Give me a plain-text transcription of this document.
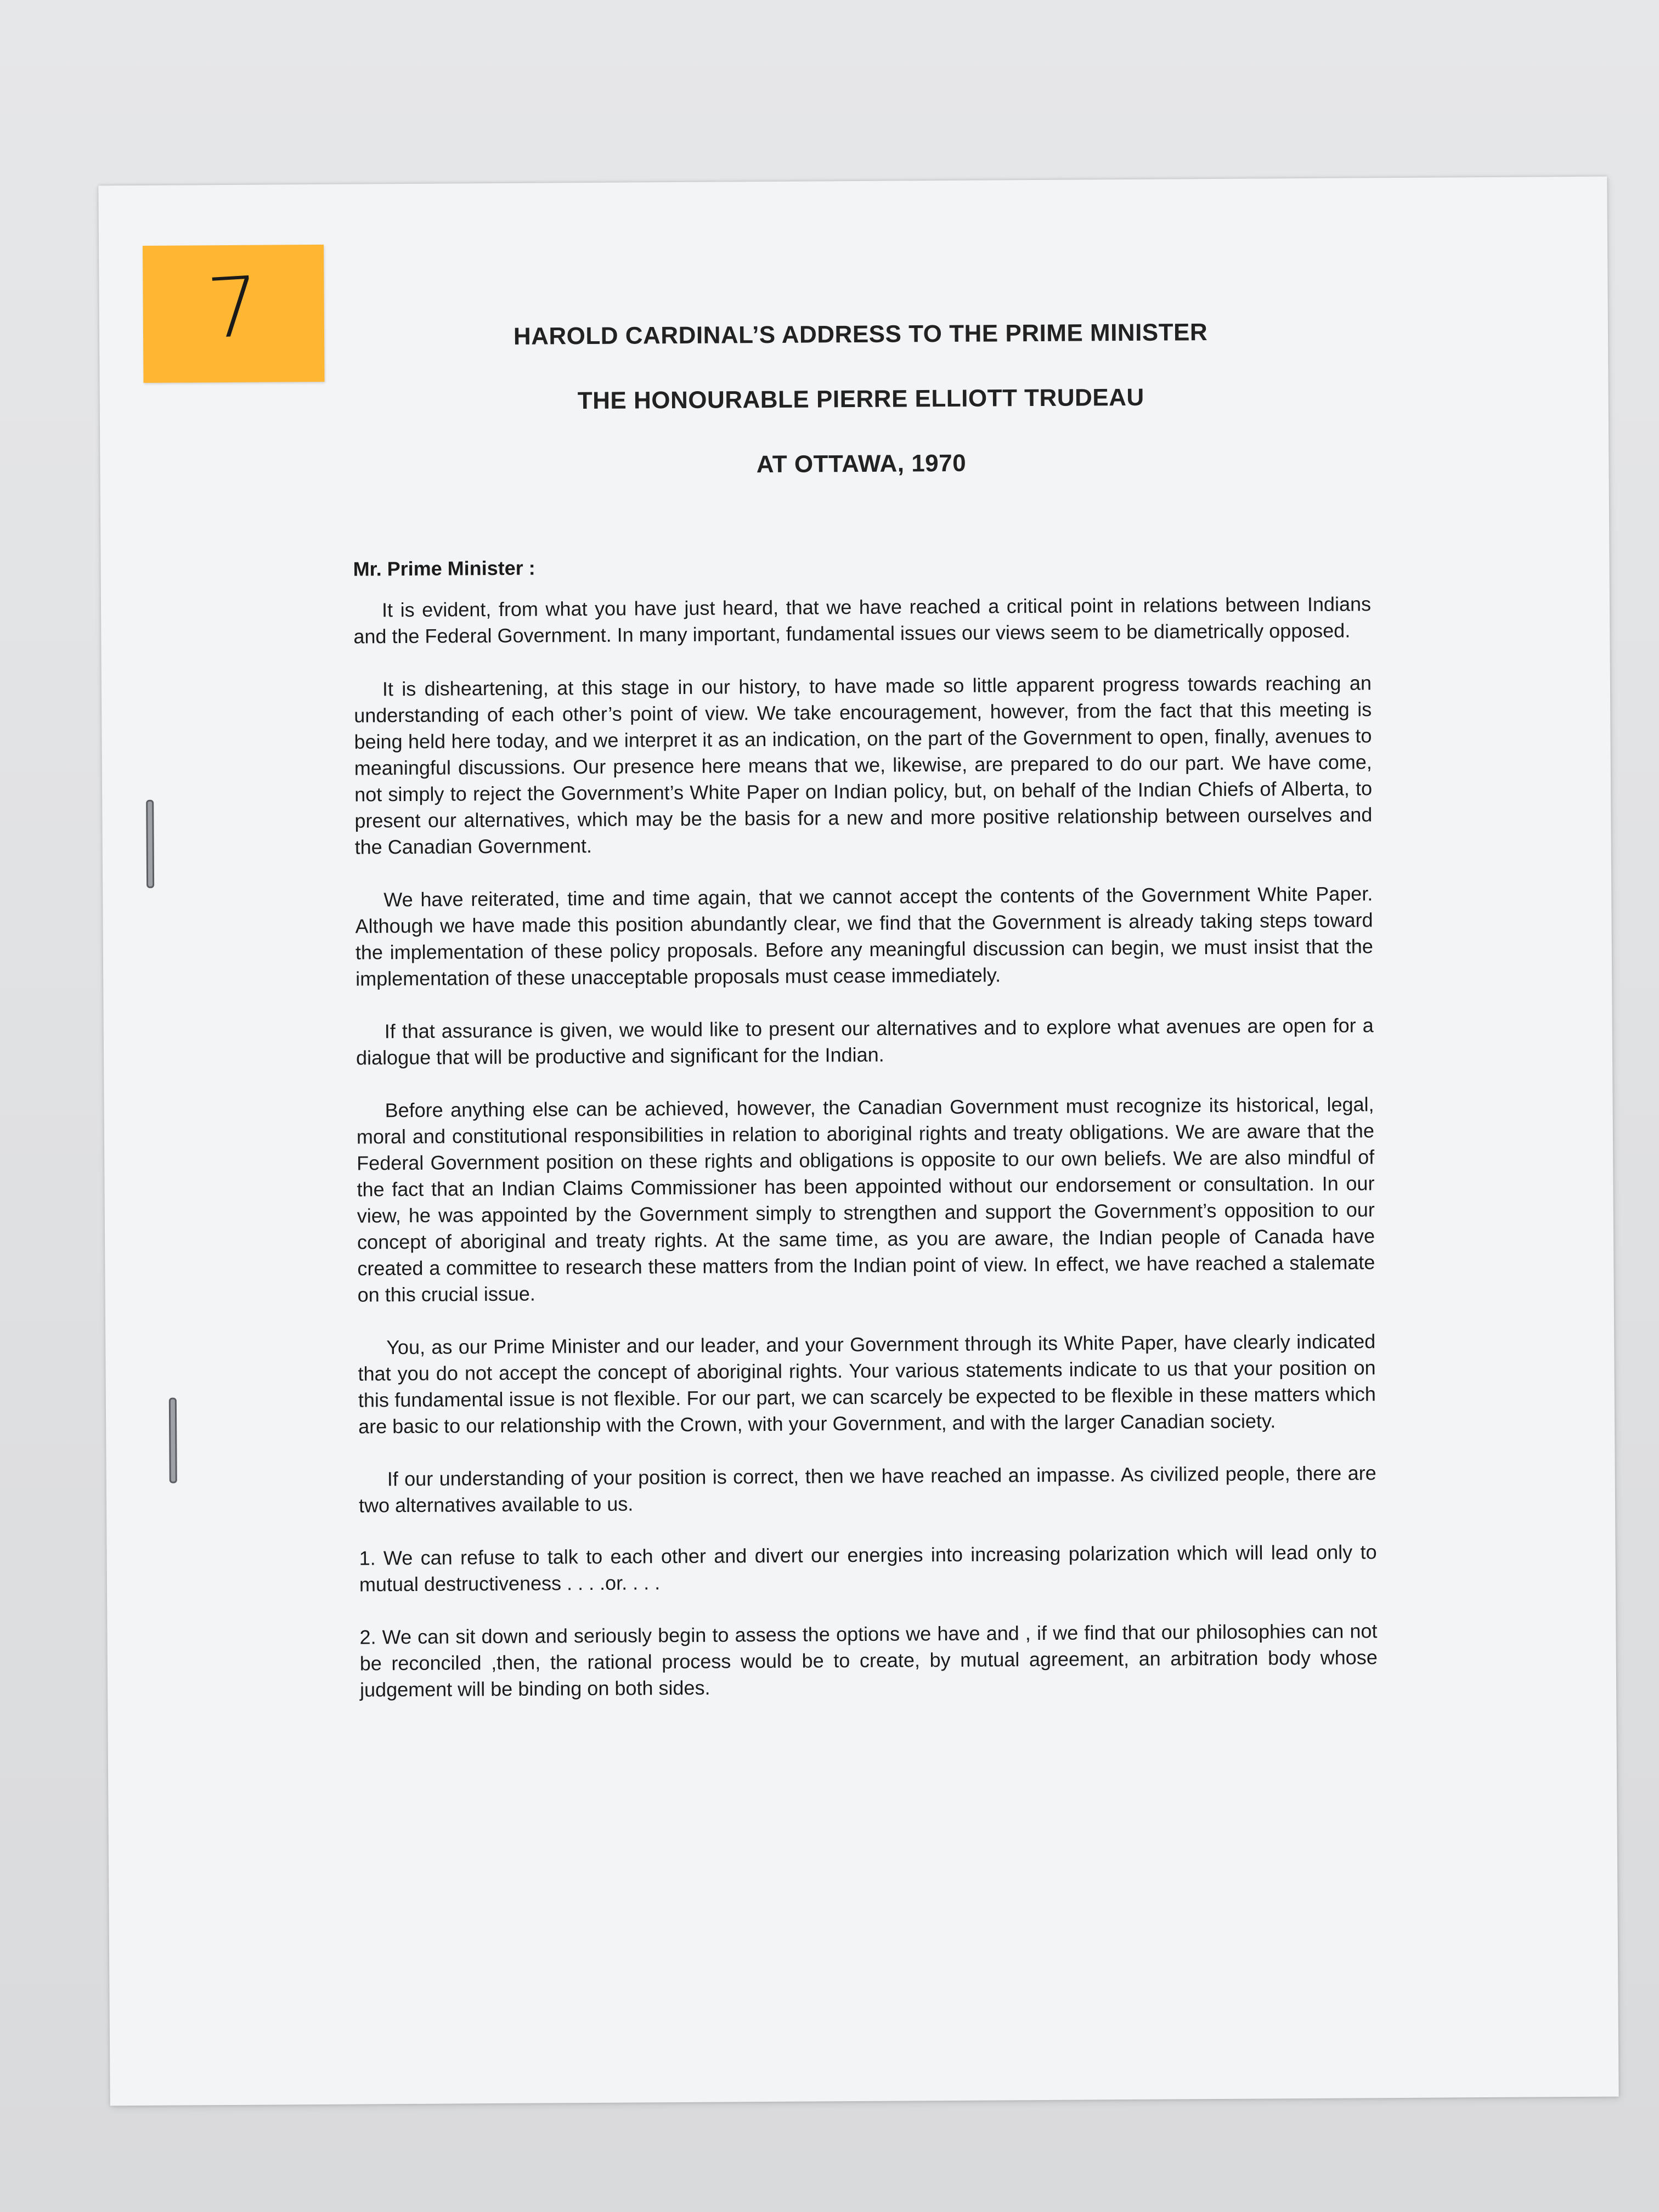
7	HAROLD CARDINAL’S ADDRESS TO THE PRIME MINISTER
THE HONOURABLE PIERRE ELLIOTT TRUDEAU
AT OTTAWA, 1970
Mr. Prime Minister :

It is evident, from what you have just heard, that we have reached a critical point in relations between Indians and the Federal Government. In many important, fundamental issues our views seem to be diametrically opposed.

It is disheartening, at this stage in our history, to have made so little apparent progress towards reaching an understanding of each other’s point of view. We take encouragement, however, from the fact that this meeting is being held here today, and we interpret it as an indication, on the part of the Government to open, finally, avenues to meaningful discussions. Our presence here means that we, likewise, are prepared to do our part. We have come, not simply to reject the Government’s White Paper on Indian policy, but, on behalf of the Indian Chiefs of Alberta, to present our alternatives, which may be the basis for a new and more positive relationship between ourselves and the Canadian Government.

We have reiterated, time and time again, that we cannot accept the contents of the Government White Paper. Although we have made this position abundantly clear, we find that the Government is already taking steps toward the implementation of these policy proposals. Before any meaningful discussion can begin, we must insist that the implementation of these unacceptable proposals must cease immediately.

If that assurance is given, we would like to present our alternatives and to explore what avenues are open for a dialogue that will be productive and significant for the Indian.

Before anything else can be achieved, however, the Canadian Government must recognize its historical, legal, moral and constitutional responsibilities in relation to aboriginal rights and treaty obligations. We are aware that the Federal Government position on these rights and obligations is opposite to our own beliefs. We are also mindful of the fact that an Indian Claims Commissioner has been appointed without our endorsement or consultation. In our view, he was appointed by the Government simply to strengthen and support the Government’s opposition to our concept of aboriginal and treaty rights. At the same time, as you are aware, the Indian people of Canada have created a committee to research these matters from the Indian point of view. In effect, we have reached a stalemate on this crucial issue.

You, as our Prime Minister and our leader, and your Government through its White Paper, have clearly indicated that you do not accept the concept of aboriginal rights. Your various statements indicate to us that your position on this fundamental issue is not flexible. For our part, we can scarcely be expected to be flexible in these matters which are basic to our relationship with the Crown, with your Government, and with the larger Canadian society.

If our understanding of your position is correct, then we have reached an impasse. As civilized people, there are two alternatives available to us.

1. We can refuse to talk to each other and divert our energies into increasing polarization which will lead only to mutual destructiveness . . . .or. . . .

2. We can sit down and seriously begin to assess the options we have and , if we find that our philosophies can not be reconciled ,then, the rational process would be to create, by mutual agreement, an arbitration body whose judgement will be binding on both sides.
